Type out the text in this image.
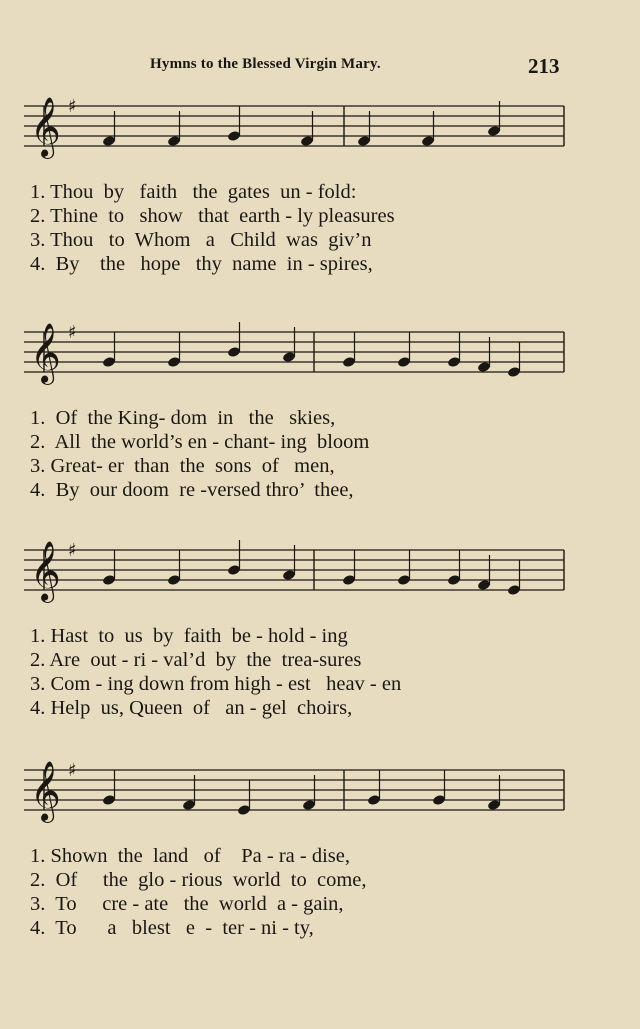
Hymns to the Blessed Virgin Mary.	213
𝄞 ♯
1. Thou  by   faith   the  gates  un - fold:
2. Thine  to   show   that  earth - ly pleasures
3. Thou   to  Whom   a   Child  was  giv’n
4.  By    the   hope   thy  name  in - spires,
𝄞 ♯
1.  Of  the King- dom  in   the   skies,
2.  All  the world’s en - chant- ing  bloom
3. Great- er  than  the  sons  of   men,
4.  By  our doom  re -versed thro’  thee,
𝄞 ♯
1. Hast  to  us  by  faith  be - hold - ing
2. Are  out - ri - val’d  by  the  trea-sures
3. Com - ing down from high - est   heav - en
4. Help  us, Queen  of   an - gel  choirs,
𝄞 ♯
1. Shown  the  land   of    Pa - ra - dise,
2.  Of     the  glo - rious  world  to  come,
3.  To     cre - ate   the  world  a - gain,
4.  To      a   blest   e  -  ter - ni - ty,
